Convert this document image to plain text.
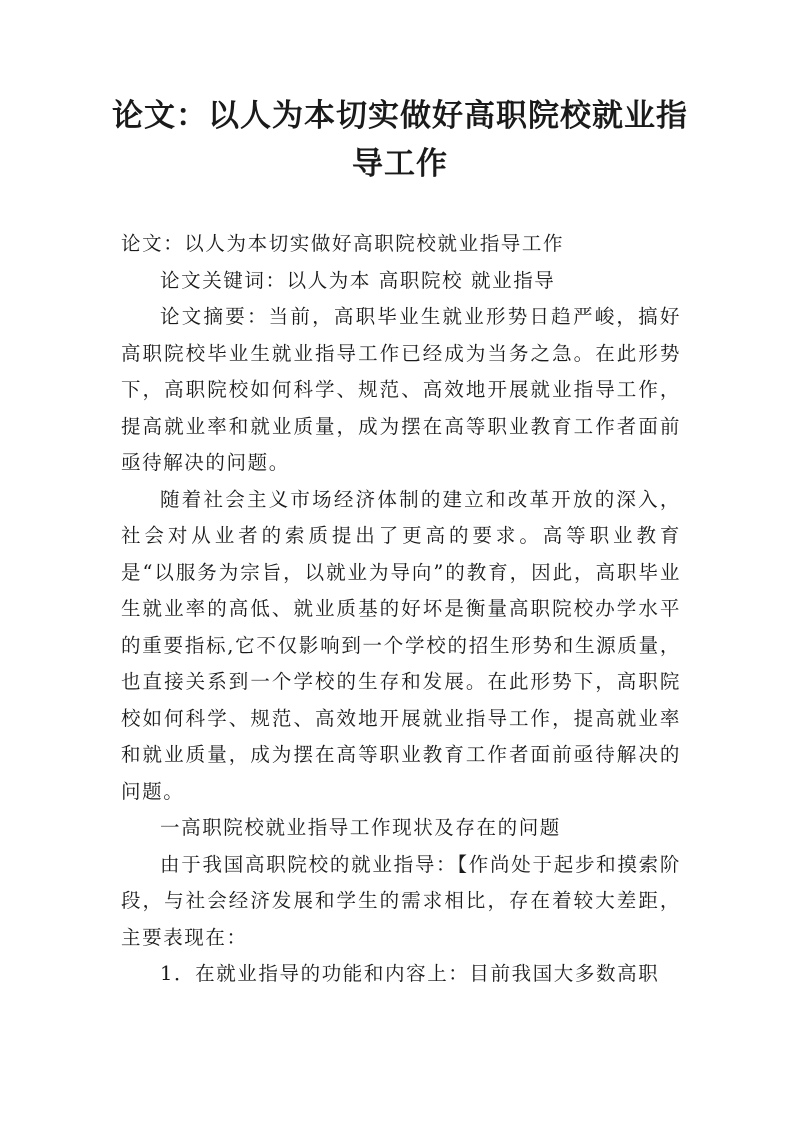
论文：以人为本切实做好高职院校就业指导工作

论文：以人为本切实做好高职院校就业指导工作

论文关键词：以人为本 高职院校 就业指导

论文摘要：当前，高职毕业生就业形势日趋严峻，搞好高职院校毕业生就业指导工作已经成为当务之急。在此形势下，高职院校如何科学、规范、高效地开展就业指导工作，提高就业率和就业质量，成为摆在高等职业教育工作者面前亟待解决的问题。

随着社会主义市场经济体制的建立和改革开放的深入，社会对从业者的索质提出了更高的要求。高等职业教育是“以服务为宗旨，以就业为导向”的教育，因此，高职毕业生就业率的高低、就业质基的好坏是衡量高职院校办学水平的重要指标,它不仅影响到一个学校的招生形势和生源质量，也直接关系到一个学校的生存和发展。在此形势下，高职院校如何科学、规范、高效地开展就业指导工作，提高就业率和就业质量，成为摆在高等职业教育工作者面前亟待解决的问题。

一高职院校就业指导工作现状及存在的问题

由于我国高职院校的就业指导：【作尚处于起步和摸索阶段，与社会经济发展和学生的需求相比，存在着较大差距，主要表现在：

1．在就业指导的功能和内容上：目前我国大多数高职
